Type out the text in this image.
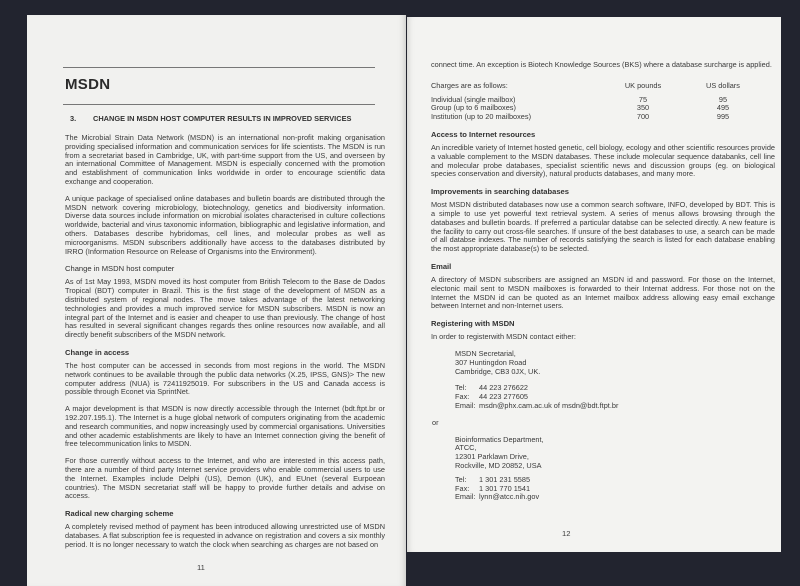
MSDN
3.	CHANGE IN MSDN HOST COMPUTER RESULTS IN IMPROVED SERVICES

The Microbial Strain Data Network (MSDN) is an international non-profit making organisation providing specialised information and communication services for life scientists. The MSDN is run from a secretariat based in Cambridge, UK, with part-time support from the US, and overseen by an international Committee of Management. MSDN is especially concerned with the promotion and establishment of communication links worldwide in order to encourage scientific data exchange and cooperation.

A unique package of specialised online databases and bulletin boards are distributed through the MSDN network covering microbiology, biotechnology, genetics and biodiversity information. Diverse data sources include information on microbial isolates characterised in culture collections worldwide, bacterial and virus taxonomic information, bibliographic and legislative information, and others. Databases describe hybridomas, cell lines, and molecular probes as well as microorganisms. MSDN subscribers additionally have access to the databases distributed by IRRO (Information Resource on Release of Organisms into the Environment).

Change in MSDN host computer

As of 1st May 1993, MSDN moved its host computer from British Telecom to the Base de Dados Tropical (BDT) computer in Brazil. This is the first stage of the development of MSDN as a distributed system of regional nodes. The move takes advantage of the latest networking technologies and provides a much improved service for MSDN subscribers. MSDN is now an integral part of the Internet and is easier and cheaper to use than previously. The change of host has resulted in several significant changes regards thes online resources now available, and all directly benefit subscribers of the MSDN network.

Change in access

The host computer can be accessed in seconds from most regions in the world. The MSDN network continues to be available through the public data networks (X.25, IPSS, GNS)> The new computer address (NUA) is 72411925019. For subscribers in the US and Canada access is possible through Econet via SprintNet.

A major development is that MSDN is now directly accessible through the Internet (bdt.ftpt.br or 192.207.195.1). The Internet is a huge global network of computers originating from the academic and research communities, and nopw increasingly used by commercial organisations. Universities and other academic establishments are likely to have an Internet connection giving the benefit of free telecommunication links to MSDN.

For those currently without access to the Internet, and who are interested in this access path, there are a number of third party Internet service providers who enable commercial users to use the Internet. Examples include Delphi (US), Demon (UK), and EUnet (several Eurpoean countries). The MSDN secretariat staff will be happy to provide further details and advise on access.

Radical new charging scheme

A completely revised method of payment has been introduced allowing unrestricted use of MSDN databases. A flat subscription fee is requested in advance on registration and covers a six monthly period. It is no longer necessary to watch the clock when searching as charges are not based on

11

connect time. An exception is Biotech Knowledge Sources (BKS) where a database surcharge is applied.

Charges are as follows:	UK pounds	US dollars
Individual (single mailbox)	75	95
Group (up to 6 mailboxes)	350	495
Institution (up to 20 mailboxes)	700	995
Access to Internet resources

An incredible variety of Internet hosted genetic, cell biology, ecology and other scientific resources provide a valuable complement to the MSDN databases. These include molecular sequence databanks, cell line and molecular probe databases, specialist scientific news and discussion groups (eg. on biological species conservation and diversity), natural products databases, and many more.

Improvements in searching databases

Most MSDN distributed databases now use a common search software, INFO, developed by BDT. This is a simple to use yet powerful text retrieval system. A series of menus allows browsing through the databases and bulletin boards. If preferred a particular databse can be selected directly. A new feature is the facility to carry out cross-file searches. If unsure of the best databases to use, a search can be made of all databse indexes. The number of records satisfying the search is listed for each database enabling the most appropriate database(s) to be selected.

Email

A directory of MSDN subscribers are assigned an MSDN id and password. For those on the Internet, electonic mail sent to MSDN mailboxes is forwarded to their Internat address. For those not on the Internet the MSDN id can be quoted as an Internet mailbox address allowing easy email exchange between Internet and non-Internet users.

Registering with MSDN
In order to registerwith MSDN contact either:
MSDN Secretarial,
307 Huntingdon Road
Cambridge, CB3 0JX, UK.
Tel:	44 223 276622
Fax:	44 223 277605
Email: msdn@phx.cam.ac.uk of msdn@bdt.ftpt.br
or
Bioinformatics Department,
ATCC,
12301 Parklawn Drive,
Rockville, MD 20852, USA
Tel:	1 301 231 5585
Fax:	1 301 770 1541
Email: lynn@atcc.nih.gov
12
